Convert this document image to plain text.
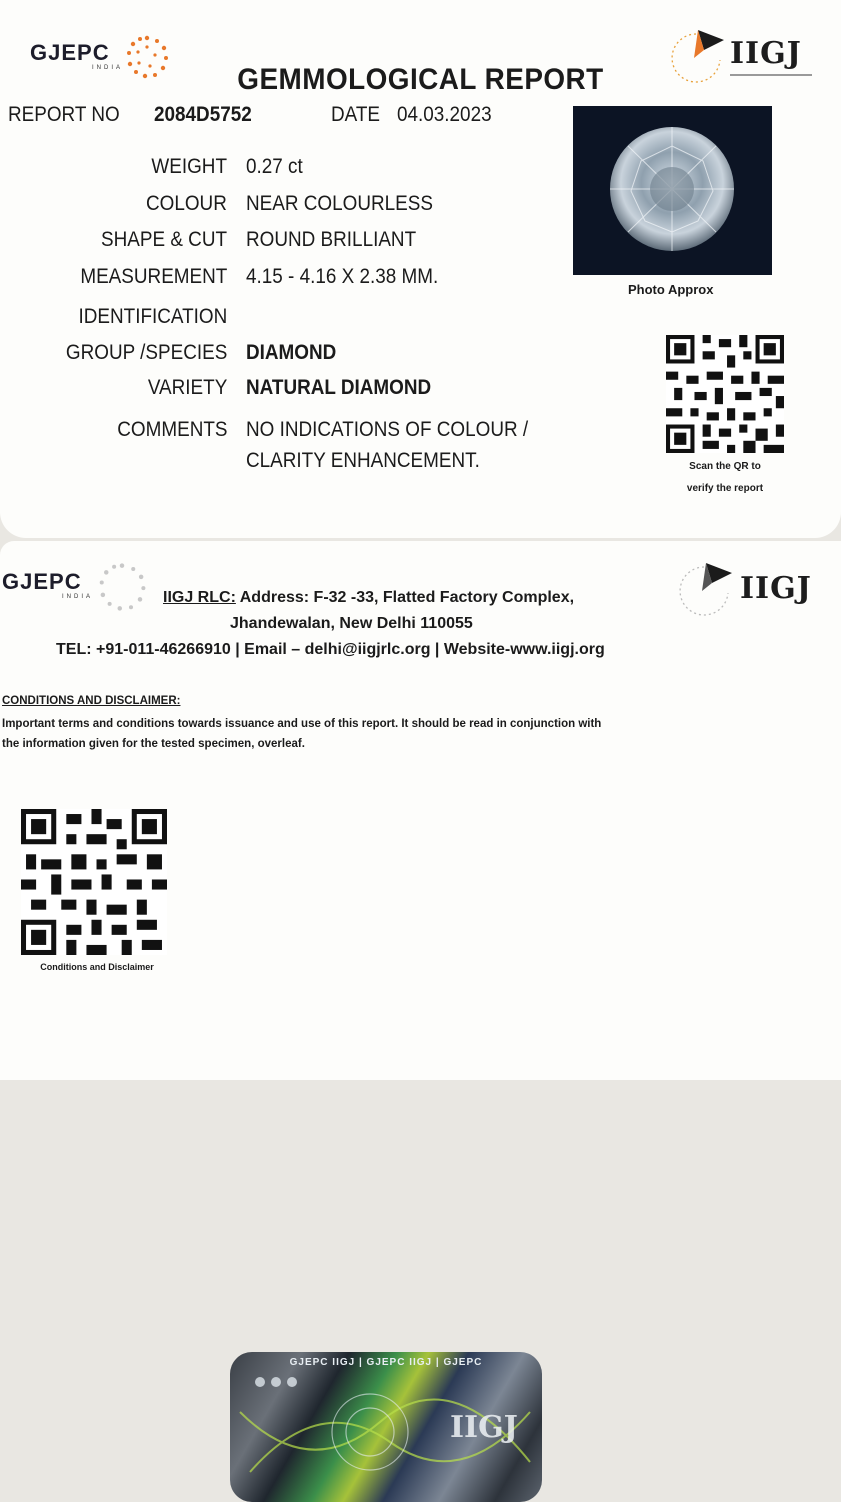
GJEPC
INDIA	IIGJ
GEMMOLOGICAL REPORT
REPORT NO 2084D5752	DATE 04.03.2023
WEIGHT 0.27 ct
COLOUR NEAR COLOURLESS
SHAPE & CUT ROUND BRILLIANT
MEASUREMENT 4.15 - 4.16 X 2.38 MM.
IDENTIFICATION
GROUP /SPECIES DIAMOND
VARIETY NATURAL DIAMOND
COMMENTS NO INDICATIONS OF COLOUR /
CLARITY ENHANCEMENT.
Photo Approx
Scan the QR to
verify the report
GJEPC
INDIA	IIGJ
IIGJ RLC: Address: F-32 -33, Flatted Factory Complex,
Jhandewalan, New Delhi 110055
TEL: +91-011-46266910 | Email – delhi@iigjrlc.org | Website-www.iigj.org
CONDITIONS AND DISCLAIMER:
Important terms and conditions towards issuance and use of this report. It should be read in conjunction with
the information given for the tested specimen, overleaf.
Conditions and Disclaimer
GJEPC IIGJ | GJEPC IIGJ | GJEPC
IIGJ
